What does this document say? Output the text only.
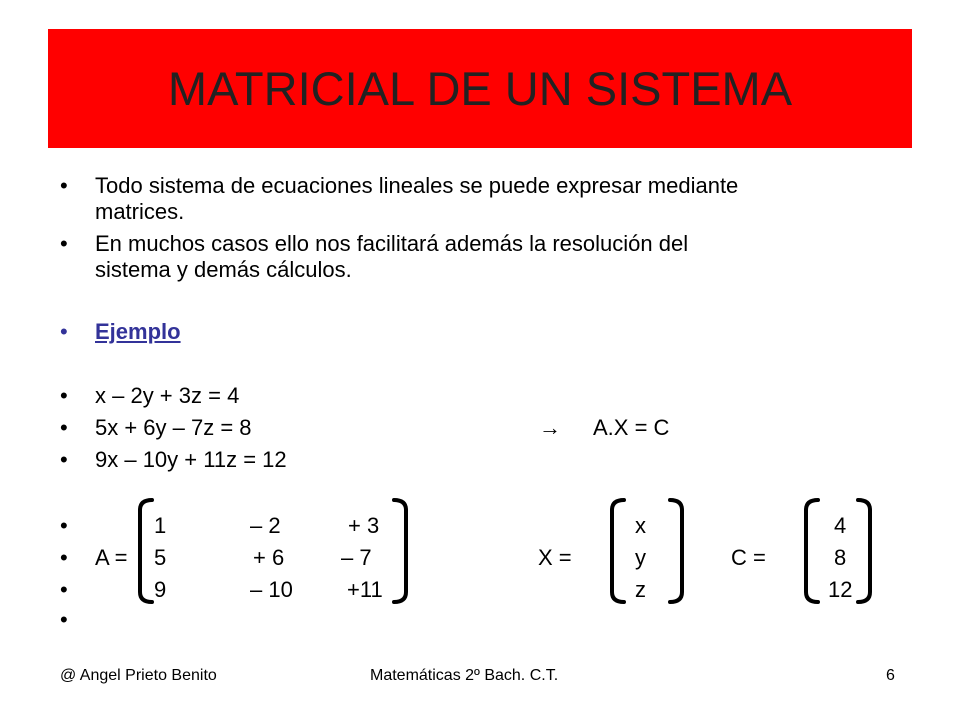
MATRICIAL DE UN SISTEMA
• Todo sistema de ecuaciones lineales se puede expresar mediante
matrices.
• En muchos casos ello nos facilitará además la resolución del
sistema y demás cálculos.
• Ejemplo
• x – 2y + 3z = 4
• 5x + 6y – 7z = 8	→ A.X = C
• 9x – 10y + 11z = 12
•
•
•
•
A =
1	– 2	+ 3
5	+ 6	– 7
9	– 10 +11
X =
x
y
z
C =
4
8
12
@ Angel Prieto Benito	Matemáticas 2º Bach. C.T.	6
